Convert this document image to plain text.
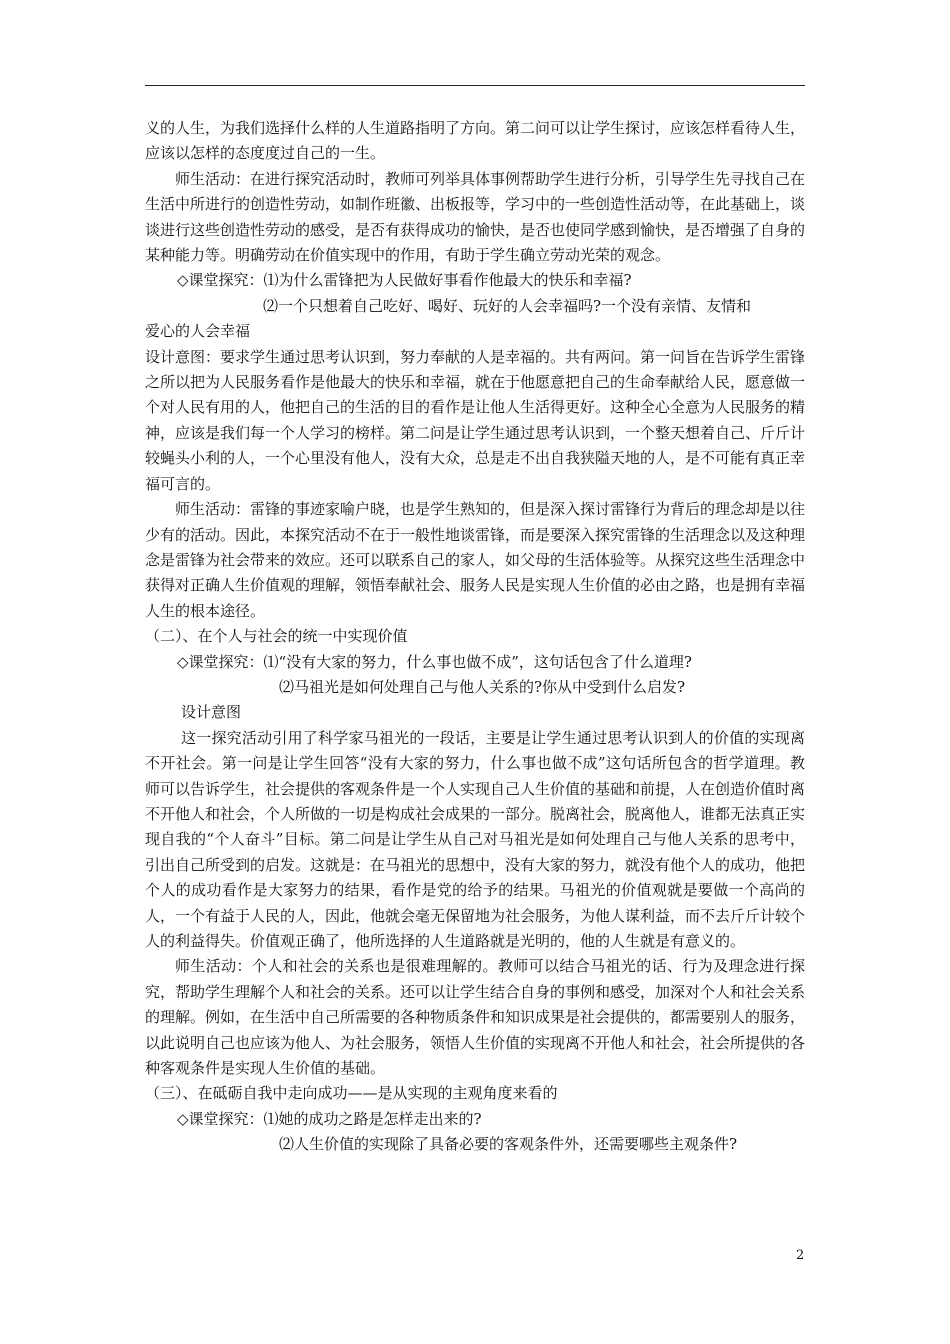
义的人生，为我们选择什么样的人生道路指明了方向。第二问可以让学生探讨，应该怎样看待人生，应该以怎样的态度度过自己的一生。

师生活动：在进行探究活动时，教师可列举具体事例帮助学生进行分析，引导学生先寻找自己在生活中所进行的创造性劳动，如制作班徽、出板报等，学习中的一些创造性活动等，在此基础上，谈谈进行这些创造性劳动的感受，是否有获得成功的愉快，是否也使同学感到愉快，是否增强了自身的某种能力等。明确劳动在价值实现中的作用，有助于学生确立劳动光荣的观念。

◇课堂探究：⑴为什么雷锋把为人民做好事看作他最大的快乐和幸福?

⑵一个只想着自己吃好、喝好、玩好的人会幸福吗?一个没有亲情、友情和

爱心的人会幸福

设计意图：要求学生通过思考认识到，努力奉献的人是幸福的。共有两问。第一问旨在告诉学生雷锋之所以把为人民服务看作是他最大的快乐和幸福，就在于他愿意把自己的生命奉献给人民，愿意做一个对人民有用的人，他把自己的生活的目的看作是让他人生活得更好。这种全心全意为人民服务的精神，应该是我们每一个人学习的榜样。第二问是让学生通过思考认识到，一个整天想着自己、斤斤计较蝇头小利的人，一个心里没有他人，没有大众，总是走不出自我狭隘天地的人，是不可能有真正幸福可言的。

师生活动：雷锋的事迹家喻户晓，也是学生熟知的，但是深入探讨雷锋行为背后的理念却是以往少有的活动。因此，本探究活动不在于一般性地谈雷锋，而是要深入探究雷锋的生活理念以及这种理念是雷锋为社会带来的效应。还可以联系自己的家人，如父母的生活体验等。从探究这些生活理念中获得对正确人生价值观的理解，领悟奉献社会、服务人民是实现人生价值的必由之路，也是拥有幸福人生的根本途径。

（二）、在个人与社会的统一中实现价值

◇课堂探究：⑴“没有大家的努力，什么事也做不成”，这句话包含了什么道理?

⑵马祖光是如何处理自己与他人关系的?你从中受到什么启发?

设计意图

这一探究活动引用了科学家马祖光的一段话，主要是让学生通过思考认识到人的价值的实现离不开社会。第一问是让学生回答“没有大家的努力，什么事也做不成”这句话所包含的哲学道理。教师可以告诉学生，社会提供的客观条件是一个人实现自己人生价值的基础和前提，人在创造价值时离不开他人和社会，个人所做的一切是构成社会成果的一部分。脱离社会，脱离他人，谁都无法真正实现自我的“个人奋斗”目标。第二问是让学生从自己对马祖光是如何处理自己与他人关系的思考中，引出自己所受到的启发。这就是：在马祖光的思想中，没有大家的努力，就没有他个人的成功，他把个人的成功看作是大家努力的结果，看作是党的给予的结果。马祖光的价值观就是要做一个高尚的人，一个有益于人民的人，因此，他就会毫无保留地为社会服务，为他人谋利益，而不去斤斤计较个人的利益得失。价值观正确了，他所选择的人生道路就是光明的，他的人生就是有意义的。

师生活动：个人和社会的关系也是很难理解的。教师可以结合马祖光的话、行为及理念进行探究，帮助学生理解个人和社会的关系。还可以让学生结合自身的事例和感受，加深对个人和社会关系的理解。例如，在生活中自己所需要的各种物质条件和知识成果是社会提供的，都需要别人的服务，以此说明自己也应该为他人、为社会服务，领悟人生价值的实现离不开他人和社会，社会所提供的各种客观条件是实现人生价值的基础。

（三）、在砥砺自我中走向成功——是从实现的主观角度来看的

◇课堂探究：⑴她的成功之路是怎样走出来的?

⑵人生价值的实现除了具备必要的客观条件外，还需要哪些主观条件?

2
